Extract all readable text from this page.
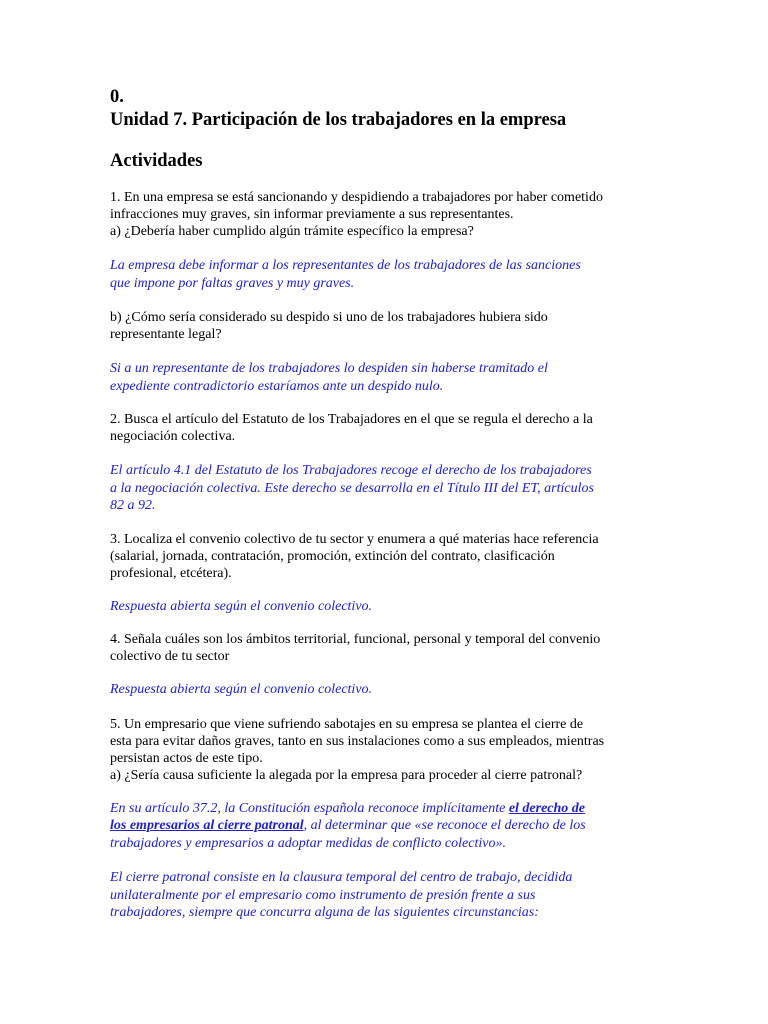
0.

Unidad 7. Participación de los trabajadores en la empresa

Actividades

1. En una empresa se está sancionando y despidiendo a trabajadores por haber cometido

infracciones muy graves, sin informar previamente a sus representantes.

a) ¿Debería haber cumplido algún trámite específico la empresa?

La empresa debe informar a los representantes de los trabajadores de las sanciones

que impone por faltas graves y muy graves.

b) ¿Cómo sería considerado su despido si uno de los trabajadores hubiera sido

representante legal?

Si a un representante de los trabajadores lo despiden sin haberse tramitado el

expediente contradictorio estaríamos ante un despido nulo.

2. Busca el artículo del Estatuto de los Trabajadores en el que se regula el derecho a la

negociación colectiva.

El artículo 4.1 del Estatuto de los Trabajadores recoge el derecho de los trabajadores

a la negociación colectiva. Este derecho se desarrolla en el Título III del ET, artículos

82 a 92.

3. Localiza el convenio colectivo de tu sector y enumera a qué materias hace referencia

(salarial, jornada, contratación, promoción, extinción del contrato, clasificación

profesional, etcétera).

Respuesta abierta según el convenio colectivo.

4. Señala cuáles son los ámbitos territorial, funcional, personal y temporal del convenio

colectivo de tu sector

Respuesta abierta según el convenio colectivo.

5. Un empresario que viene sufriendo sabotajes en su empresa se plantea el cierre de

esta para evitar daños graves, tanto en sus instalaciones como a sus empleados, mientras

persistan actos de este tipo.

a) ¿Sería causa suficiente la alegada por la empresa para proceder al cierre patronal?

En su artículo 37.2, la Constitución española reconoce implícitamente el derecho de

los empresarios al cierre patronal, al determinar que «se reconoce el derecho de los

trabajadores y empresarios a adoptar medidas de conflicto colectivo».

El cierre patronal consiste en la clausura temporal del centro de trabajo, decidida

unilateralmente por el empresario como instrumento de presión frente a sus

trabajadores, siempre que concurra alguna de las siguientes circunstancias:
